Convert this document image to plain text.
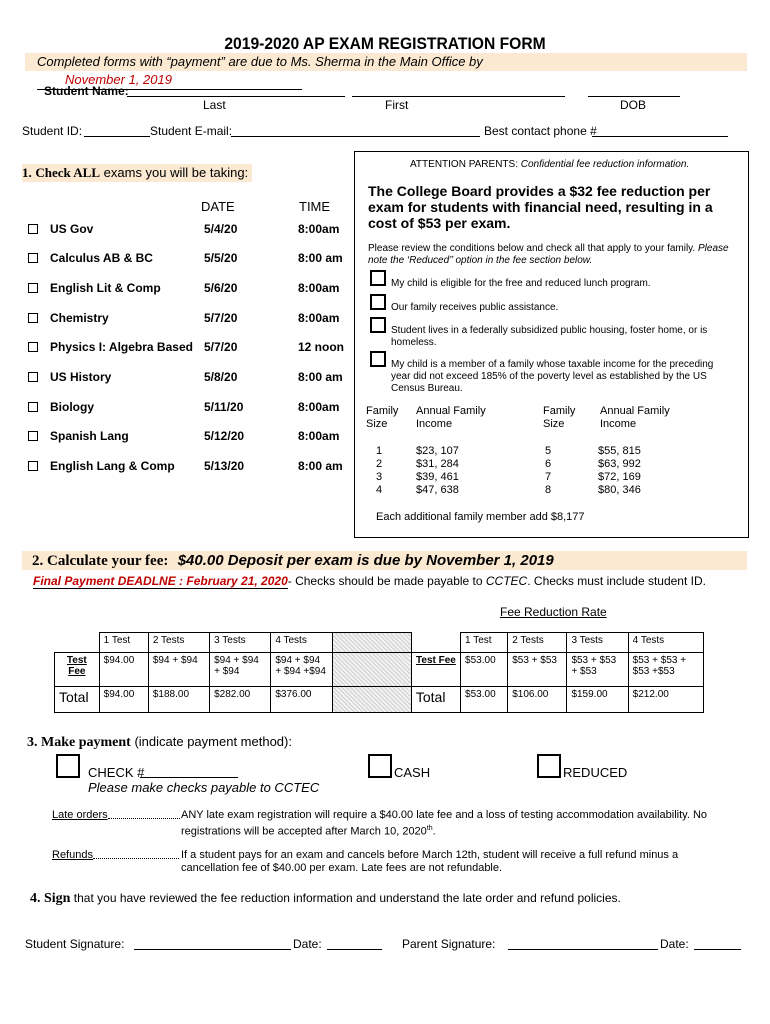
2019-2020 AP EXAM REGISTRATION FORM
Completed forms with “payment” are due to Ms. Sherma in the Main Office by November 1, 2019
Student Name:
Last	First	DOB
Student ID:	Student E-mail:	Best contact phone #
1. Check ALL exams you will be taking:
DATE	TIME
US Gov	5/4/20	8:00am
Calculus AB & BC	5/5/20	8:00 am
English Lit & Comp	5/6/20	8:00am
Chemistry	5/7/20	8:00am
Physics I: Algebra Based 5/7/20	12 noon
US History	5/8/20	8:00 am
Biology	5/11/20	8:00am
Spanish Lang	5/12/20	8:00am
English Lang & Comp 5/13/20	8:00 am
ATTENTION PARENTS: Confidential fee reduction information.
The College Board provides a $32 fee reduction per exam for students with financial need, resulting in a cost of $53 per exam.
Please review the conditions below and check all that apply to your family. Please note the ‘Reduced’’ option in the fee section below.
My child is eligible for the free and reduced lunch program.
Our family receives public assistance.
Student lives in a federally subsidized public housing, foster home, or is homeless.
My child is a member of a family whose taxable income for the preceding year did not exceed 185% of the poverty level as established by the US Census Bureau.
Family Size
Annual Family Income
Family Size
Annual Family Income
1	$23, 107
2	$31, 284
3	$39, 461
4	$47, 638
5	$55, 815
6	$63, 992
7	$72, 169
8	$80, 346
Each additional family member add $8,177
2. Calculate your fee: $40.00 Deposit per exam is due by November 1, 2019
Final Payment DEADLNE : February 21, 2020- Checks should be made payable to CCTEC. Checks must include student ID.
Fee Reduction Rate
	1 Test	2 Tests	3 Tests	4 Tests			1 Test	2 Tests	3 Tests	4 Tests
Test Fee	$94.00	$94 + $94	$94 + $94 + $94	$94 + $94 + $94 +$94		Test Fee	$53.00	$53 + $53	$53 + $53 + $53	$53 + $53 + $53 +$53
Total	$94.00	$188.00	$282.00	$376.00		Total	$53.00	$106.00	$159.00	$212.00
3. Make payment (indicate payment method):
CHECK #
Please make checks payable to CCTEC
CASH	REDUCED
Late orders	ANY late exam registration will require a $40.00 late fee and a loss of testing accommodation availability. No registrations will be accepted after March 10, 2020th.
Refunds	If a student pays for an exam and cancels before March 12th, student will receive a full refund minus a cancellation fee of $40.00 per exam. Late fees are not refundable.
4. Sign that you have reviewed the fee reduction information and understand the late order and refund policies.
Student Signature:	Date:	Parent Signature:	Date:
